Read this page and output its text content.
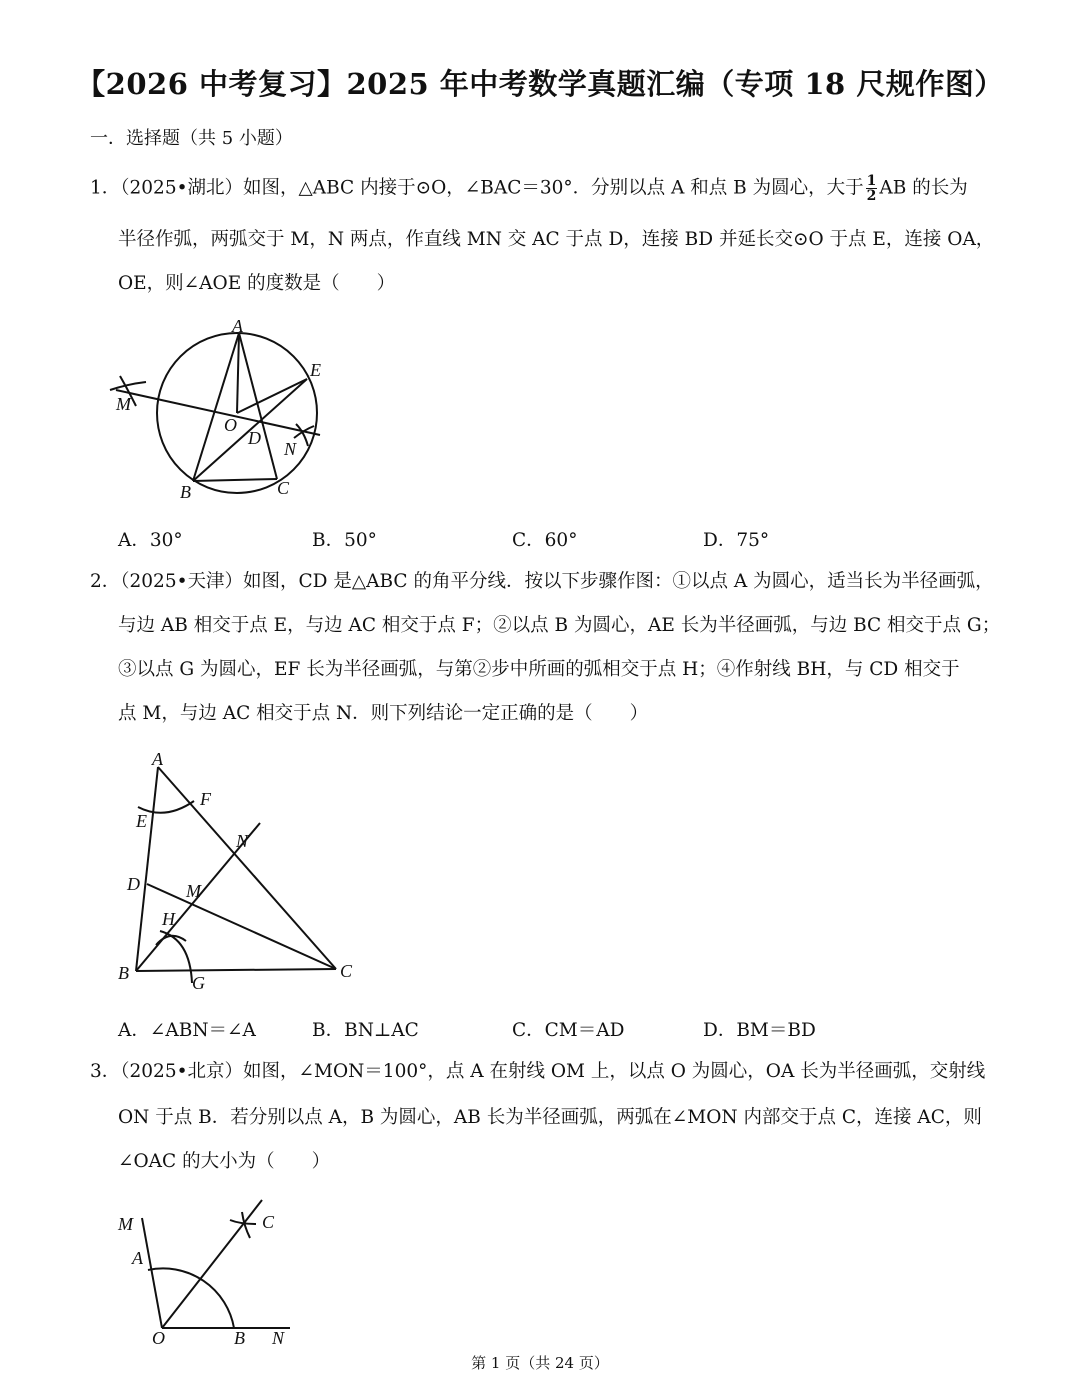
【2026 中考复习】2025 年中考数学真题汇编（专项 18 尺规作图）
一．选择题（共 5 小题）
1．（2025•湖北）如图，△ABC 内接于⊙O，∠BAC＝30°．分别以点 A 和点 B 为圆心，大于 $\frac{1}{2}$ AB 的长为
半径作弧，两弧交于 M，N 两点，作直线 MN 交 AC 于点 D，连接 BD 并延长交⊙O 于点 E，连接 OA，
OE，则∠AOE 的度数是（　　）
A
E
M
O
D
N
B	C
A．30°	B．50°	C．60°	D．75°
2．（2025•天津）如图，CD 是△ABC 的角平分线．按以下步骤作图：①以点 A 为圆心，适当长为半径画弧，
与边 AB 相交于点 E，与边 AC 相交于点 F；②以点 B 为圆心，AE 长为半径画弧，与边 BC 相交于点 G；
③以点 G 为圆心，EF 长为半径画弧，与第②步中所画的弧相交于点 H；④作射线 BH，与 CD 相交于
点 M，与边 AC 相交于点 N．则下列结论一定正确的是（　　）
A
F
E
N
D	M
H
B	G
C
A．∠ABN＝∠A	B．BN⊥AC	C．CM＝AD	D．BM＝BD
3．（2025•北京）如图，∠MON＝100°，点 A 在射线 OM 上，以点 O 为圆心，OA 长为半径画弧，交射线
ON 于点 B．若分别以点 A，B 为圆心，AB 长为半径画弧，两弧在∠MON 内部交于点 C，连接 AC，则
∠OAC 的大小为（　　）
M	C
A
O	B N
第 1 页（共 24 页）
